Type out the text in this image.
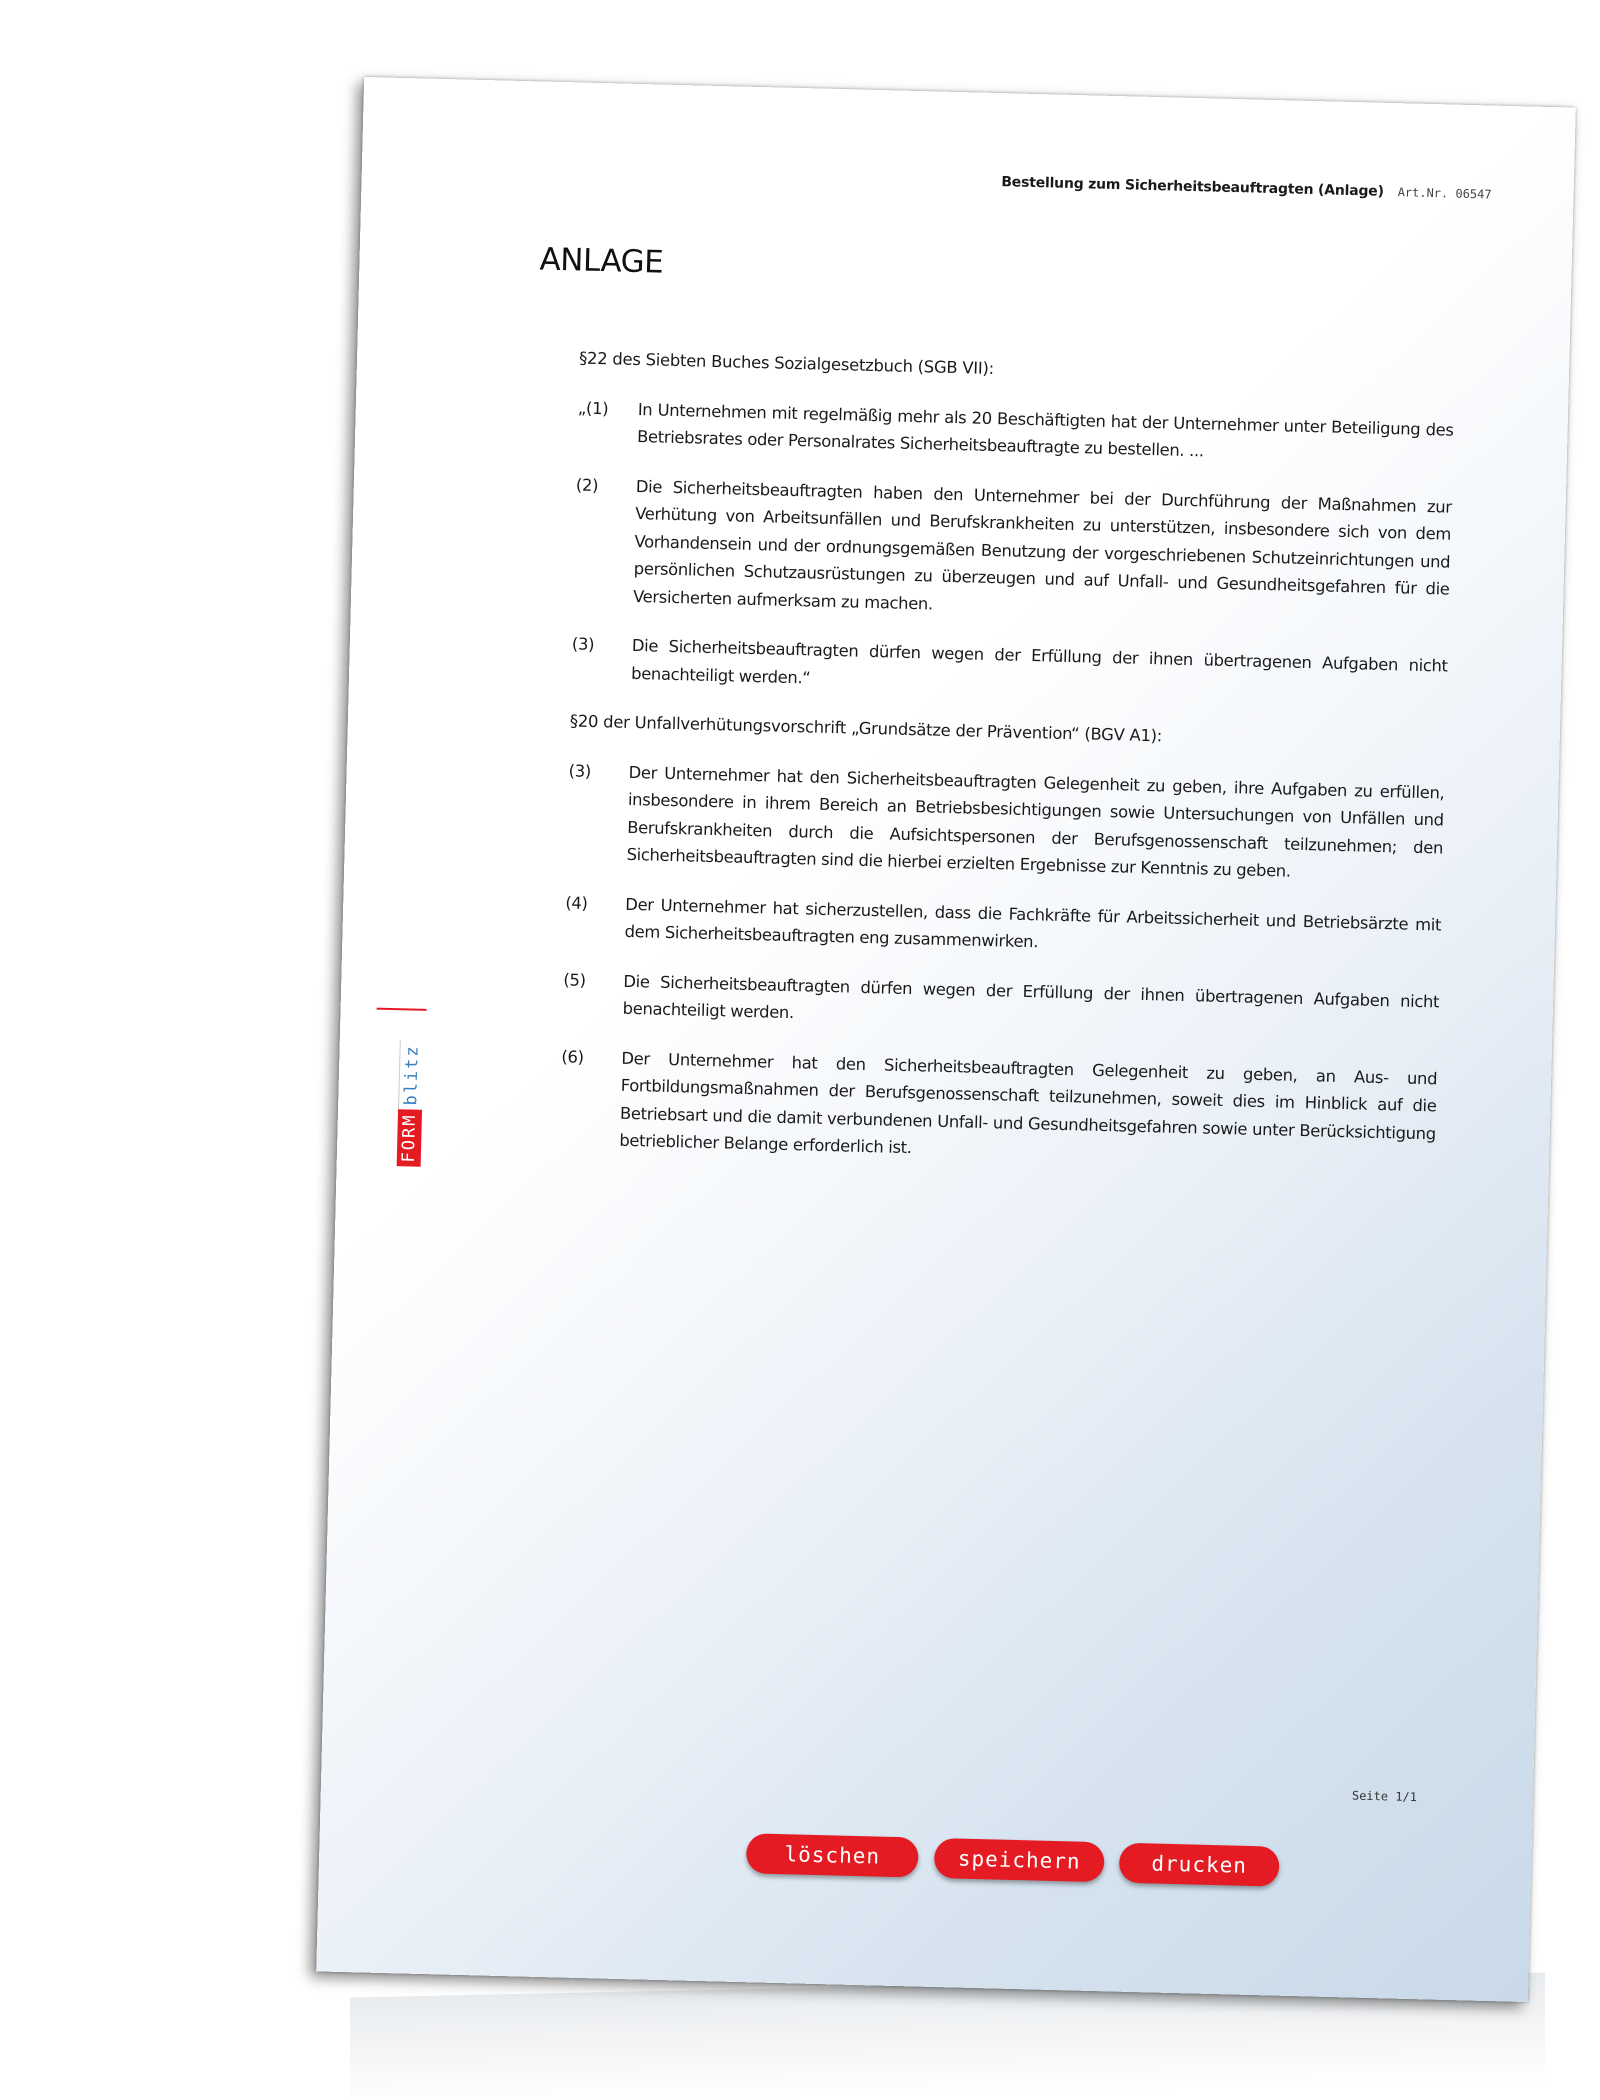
Bestellung zum Sicherheitsbeauftragten (Anlage) Art.Nr. 06547
ANLAGE
FORM
blitz
§22 des Siebten Buches Sozialgesetzbuch (SGB VII):
„(1)	In Unternehmen mit regelmäßig mehr als 20 Beschäftigten hat der Unternehmer unter Beteiligung des Betriebsrates oder Personalrates Sicherheitsbeauftragte zu bestellen. ...
(2)	Die Sicherheitsbeauftragten haben den Unternehmer bei der Durchführung der Maßnahmen zur Verhütung von Arbeitsunfällen und Berufskrankheiten zu unterstützen, insbesondere sich von dem Vorhandensein und der ordnungsgemäßen Benutzung der vorgeschriebenen Schutzeinrichtungen und persönlichen Schutzausrüstungen zu überzeugen und auf Unfall- und Gesundheitsgefahren für die Versicherten aufmerksam zu machen.
(3)	Die Sicherheitsbeauftragten dürfen wegen der Erfüllung der ihnen übertragenen Aufgaben nicht benachteiligt werden.“
§20 der Unfallverhütungsvorschrift „Grundsätze der Prävention“ (BGV A1):
(3)	Der Unternehmer hat den Sicherheitsbeauftragten Gelegenheit zu geben, ihre Aufgaben zu erfüllen, insbesondere in ihrem Bereich an Betriebsbesichtigungen sowie Untersuchungen von Unfällen und Berufskrankheiten durch die Aufsichtspersonen der Berufsgenossenschaft teilzunehmen; den Sicherheitsbeauftragten sind die hierbei erzielten Ergebnisse zur Kenntnis zu geben.
(4)	Der Unternehmer hat sicherzustellen, dass die Fachkräfte für Arbeitssicherheit und Betriebsärzte mit dem Sicherheitsbeauftragten eng zusammenwirken.
(5)	Die Sicherheitsbeauftragten dürfen wegen der Erfüllung der ihnen übertragenen Aufgaben nicht benachteiligt werden.
(6)	Der Unternehmer hat den Sicherheitsbeauftragten Gelegenheit zu geben, an Aus- und Fortbildungsmaßnahmen der Berufsgenossenschaft teilzunehmen, soweit dies im Hinblick auf die Betriebsart und die damit verbundenen Unfall- und Gesundheitsgefahren sowie unter Berücksichtigung betrieblicher Belange erforderlich ist.
Seite 1/1
löschen	speichern	drucken
